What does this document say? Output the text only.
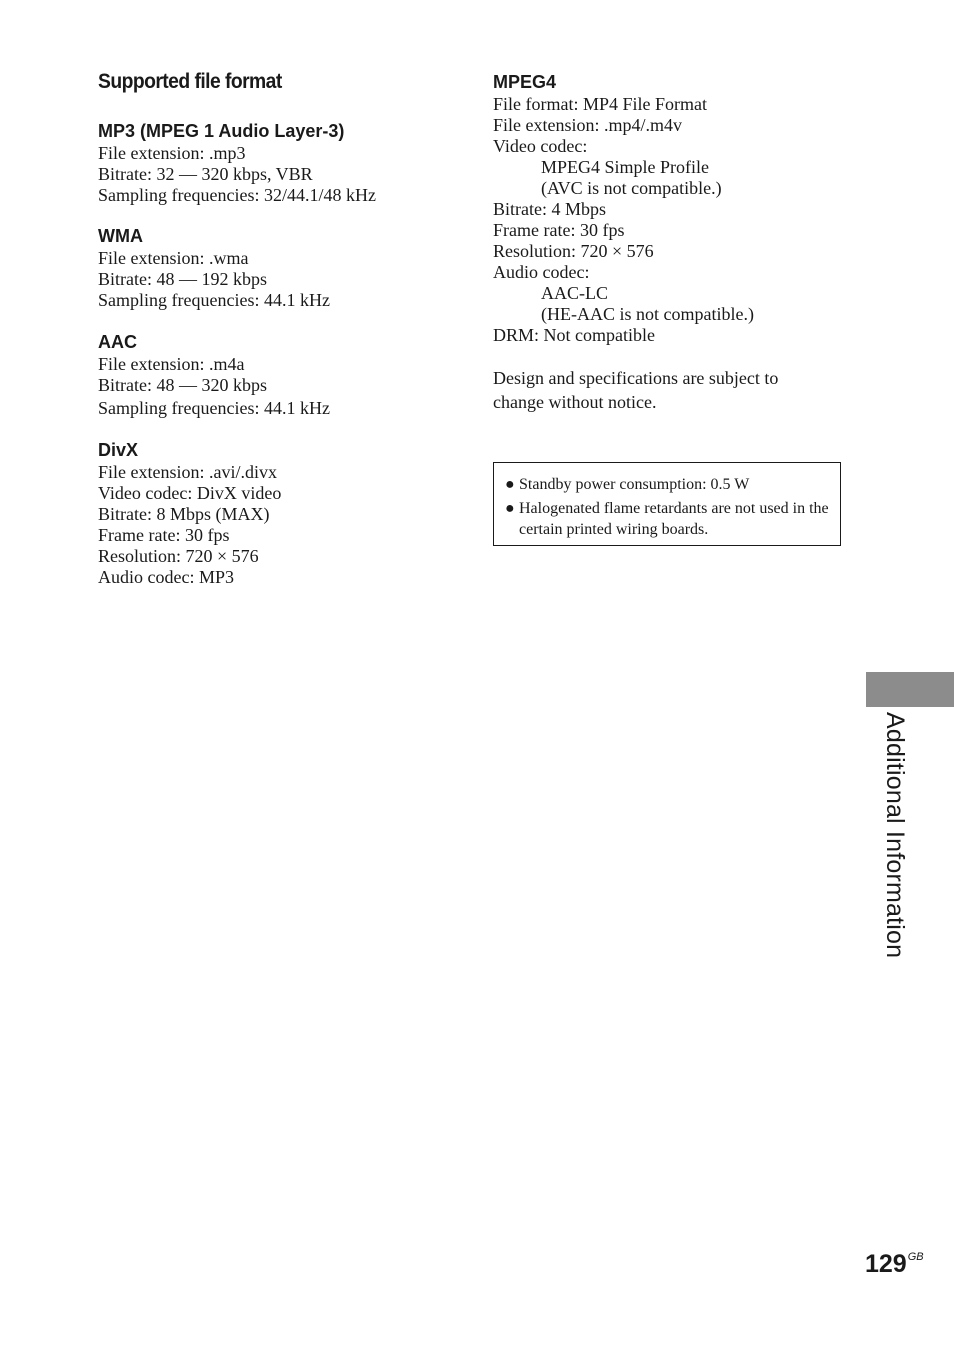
Supported file format
MP3 (MPEG 1 Audio Layer-3)
File extension: .mp3
Bitrate: 32 — 320 kbps, VBR
Sampling frequencies: 32/44.1/48 kHz
WMA
File extension: .wma
Bitrate: 48 — 192 kbps
Sampling frequencies: 44.1 kHz
AAC
File extension: .m4a
Bitrate: 48 — 320 kbps
Sampling frequencies: 44.1 kHz
DivX
File extension: .avi/.divx
Video codec: DivX video
Bitrate: 8 Mbps (MAX)
Frame rate: 30 fps
Resolution: 720 × 576
Audio codec: MP3
MPEG4
File format: MP4 File Format
File extension: .mp4/.m4v
Video codec:
MPEG4 Simple Profile
(AVC is not compatible.)
Bitrate: 4 Mbps
Frame rate: 30 fps
Resolution: 720 × 576
Audio codec:
AAC-LC
(HE-AAC is not compatible.)
DRM: Not compatible

Design and specifications are subject to change without notice.

● Standby power consumption: 0.5 W
● Halogenated flame retardants are not used in the certain printed wiring boards.
Additional Information
$129^{GB}$
